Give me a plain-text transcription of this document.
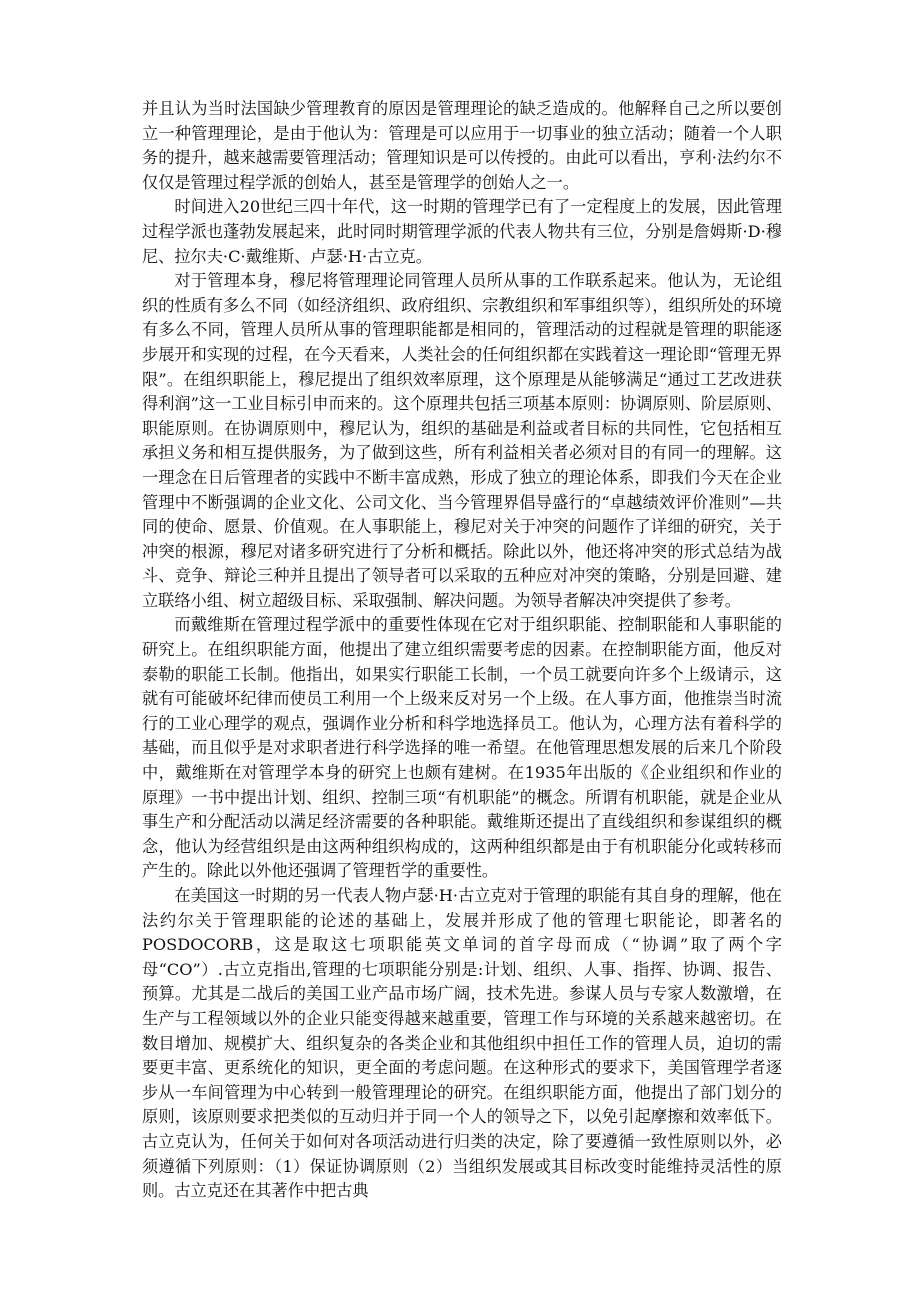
并且认为当时法国缺少管理教育的原因是管理理论的缺乏造成的。他解释自己之所以要创立一种管理理论，是由于他认为：管理是可以应用于一切事业的独立活动；随着一个人职务的提升，越来越需要管理活动；管理知识是可以传授的。由此可以看出，亨利·法约尔不仅仅是管理过程学派的创始人，甚至是管理学的创始人之一。

时间进入20世纪三四十年代，这一时期的管理学已有了一定程度上的发展，因此管理过程学派也蓬勃发展起来，此时同时期管理学派的代表人物共有三位，分别是詹姆斯·D·穆尼、拉尔夫·C·戴维斯、卢瑟·H·古立克。

对于管理本身，穆尼将管理理论同管理人员所从事的工作联系起来。他认为，无论组织的性质有多么不同（如经济组织、政府组织、宗教组织和军事组织等），组织所处的环境有多么不同，管理人员所从事的管理职能都是相同的，管理活动的过程就是管理的职能逐步展开和实现的过程，在今天看来，人类社会的任何组织都在实践着这一理论即“管理无界限”。在组织职能上，穆尼提出了组织效率原理，这个原理是从能够满足“通过工艺改进获得利润”这一工业目标引申而来的。这个原理共包括三项基本原则：协调原则、阶层原则、职能原则。在协调原则中，穆尼认为，组织的基础是利益或者目标的共同性，它包括相互承担义务和相互提供服务，为了做到这些，所有利益相关者必须对目的有同一的理解。这一理念在日后管理者的实践中不断丰富成熟，形成了独立的理论体系，即我们今天在企业管理中不断强调的企业文化、公司文化、当今管理界倡导盛行的“卓越绩效评价准则”—共同的使命、愿景、价值观。在人事职能上，穆尼对关于冲突的问题作了详细的研究，关于冲突的根源，穆尼对诸多研究进行了分析和概括。除此以外，他还将冲突的形式总结为战斗、竞争、辩论三种并且提出了领导者可以采取的五种应对冲突的策略，分别是回避、建立联络小组、树立超级目标、采取强制、解决问题。为领导者解决冲突提供了参考。

而戴维斯在管理过程学派中的重要性体现在它对于组织职能、控制职能和人事职能的研究上。在组织职能方面，他提出了建立组织需要考虑的因素。在控制职能方面，他反对泰勒的职能工长制。他指出，如果实行职能工长制，一个员工就要向许多个上级请示，这就有可能破坏纪律而使员工利用一个上级来反对另一个上级。在人事方面，他推崇当时流行的工业心理学的观点，强调作业分析和科学地选择员工。他认为，心理方法有着科学的基础，而且似乎是对求职者进行科学选择的唯一希望。在他管理思想发展的后来几个阶段中，戴维斯在对管理学本身的研究上也颇有建树。在1935年出版的《企业组织和作业的原理》一书中提出计划、组织、控制三项“有机职能”的概念。所谓有机职能，就是企业从事生产和分配活动以满足经济需要的各种职能。戴维斯还提出了直线组织和参谋组织的概念，他认为经营组织是由这两种组织构成的，这两种组织都是由于有机职能分化或转移而产生的。除此以外他还强调了管理哲学的重要性。

在美国这一时期的另一代表人物卢瑟·H·古立克对于管理的职能有其自身的理解，他在法约尔关于管理职能的论述的基础上，发展并形成了他的管理七职能论，即著名的POSDOCORB，这是取这七项职能英文单词的首字母而成（“协调”取了两个字母“CO”）.古立克指出,管理的七项职能分别是:计划、组织、人事、指挥、协调、报告、预算。尤其是二战后的美国工业产品市场广阔，技术先进。参谋人员与专家人数激增，在生产与工程领域以外的企业只能变得越来越重要，管理工作与环境的关系越来越密切。在数目增加、规模扩大、组织复杂的各类企业和其他组织中担任工作的管理人员，迫切的需要更丰富、更系统化的知识，更全面的考虑问题。在这种形式的要求下，美国管理学者逐步从一车间管理为中心转到一般管理理论的研究。在组织职能方面，他提出了部门划分的原则，该原则要求把类似的互动归并于同一个人的领导之下，以免引起摩擦和效率低下。古立克认为，任何关于如何对各项活动进行归类的决定，除了要遵循一致性原则以外，必须遵循下列原则：（1）保证协调原则（2）当组织发展或其目标改变时能维持灵活性的原则。古立克还在其著作中把古典
